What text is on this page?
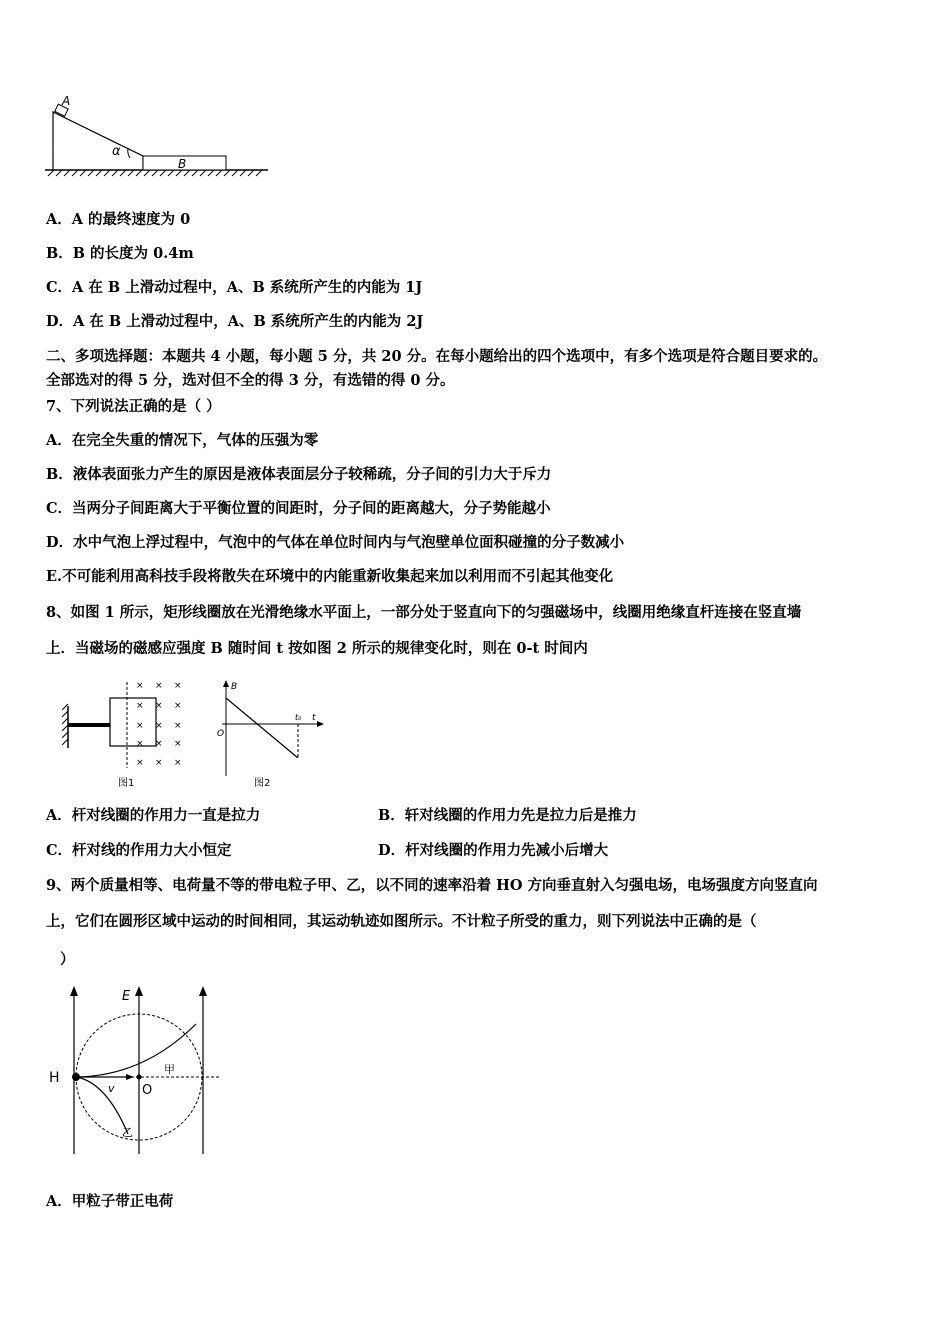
A
B
α
A．A 的最终速度为 0
B．B 的长度为 0.4m
C．A 在 B 上滑动过程中，A、B 系统所产生的内能为 1J
D．A 在 B 上滑动过程中，A、B 系统所产生的内能为 2J
二、多项选择题：本题共 4 小题，每小题 5 分，共 20 分。在每小题给出的四个选项中，有多个选项是符合题目要求的。
全部选对的得 5 分，选对但不全的得 3 分，有选错的得 0 分。
7、下列说法正确的是（ ）
A．在完全失重的情况下，气体的压强为零
B．液体表面张力产生的原因是液体表面层分子较稀疏，分子间的引力大于斥力
C．当两分子间距离大于平衡位置的间距时，分子间的距离越大，分子势能越小
D．水中气泡上浮过程中，气泡中的气体在单位时间内与气泡壁单位面积碰撞的分子数减小
E.不可能利用高科技手段将散失在环境中的内能重新收集起来加以利用而不引起其他变化
8、如图 1 所示，矩形线圈放在光滑绝缘水平面上，一部分处于竖直向下的匀强磁场中，线圈用绝缘直杆连接在竖直墙
上．当磁场的磁感应强度 B 随时间 t 按如图 2 所示的规律变化时，则在 0-t 时间内
× × ×
× × ×
× × ×
× × ×
× × ×
图1
B
t
O
t₀
图2
A．杆对线圈的作用力一直是拉力	B．轩对线圈的作用力先是拉力后是推力
C．杆对线的作用力大小恒定	D．杆对线圈的作用力先减小后增大
9、两个质量相等、电荷量不等的带电粒子甲、乙，以不同的速率沿着 HO 方向垂直射入匀强电场，电场强度方向竖直向
上，它们在圆形区域中运动的时间相同，其运动轨迹如图所示。不计粒子所受的重力，则下列说法中正确的是（
）
H
E
v O
甲
乙
A．甲粒子带正电荷
